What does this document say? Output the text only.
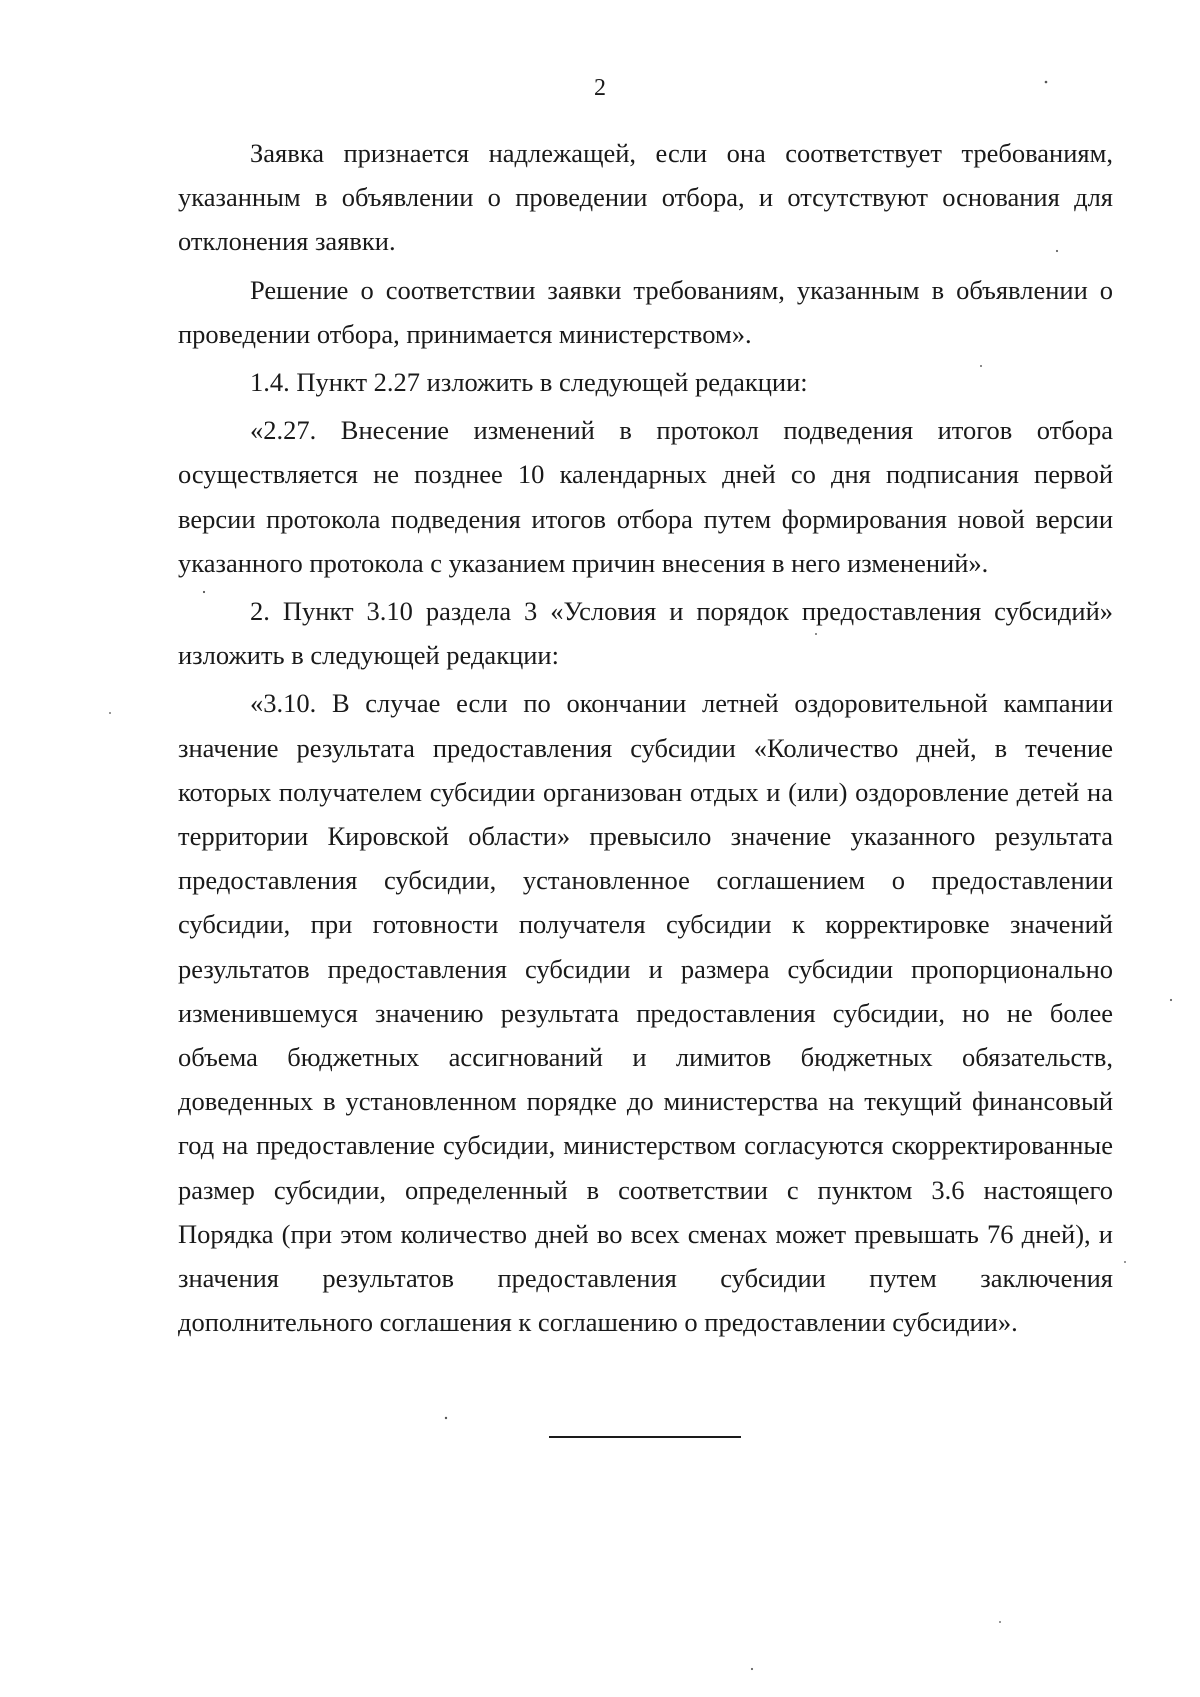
2

Заявка признается надлежащей, если она соответствует требованиям, указанным в объявлении о проведении отбора, и отсутствуют основания для отклонения заявки.

Решение о соответствии заявки требованиям, указанным в объявлении о проведении отбора, принимается министерством».

1.4. Пункт 2.27 изложить в следующей редакции:

«2.27. Внесение изменений в протокол подведения итогов отбора осуществляется не позднее 10 календарных дней со дня подписания первой версии протокола подведения итогов отбора путем формирования новой версии указанного протокола с указанием причин внесения в него изменений».

2. Пункт 3.10 раздела 3 «Условия и порядок предоставления субсидий» изложить в следующей редакции:

«3.10. В случае если по окончании летней оздоровительной кампании значение результата предоставления субсидии «Количество дней, в течение которых получателем субсидии организован отдых и (или) оздоровление детей на территории Кировской области» превысило значение указанного результата предоставления субсидии, установленное соглашением о предоставлении субсидии, при готовности получателя субсидии к корректировке значений результатов предоставления субсидии и размера субсидии пропорционально изменившемуся значению результата предоставления субсидии, но не более объема бюджетных ассигнований и лимитов бюджетных обязательств, доведенных в установленном порядке до министерства на текущий финансовый год на предоставление субсидии, министерством согласуются скорректированные размер субсидии, определенный в соответствии с пунктом 3.6 настоящего Порядка (при этом количество дней во всех сменах может превышать 76 дней), и значения результатов предоставления субсидии путем заключения дополнительного соглашения к соглашению о предоставлении субсидии».
